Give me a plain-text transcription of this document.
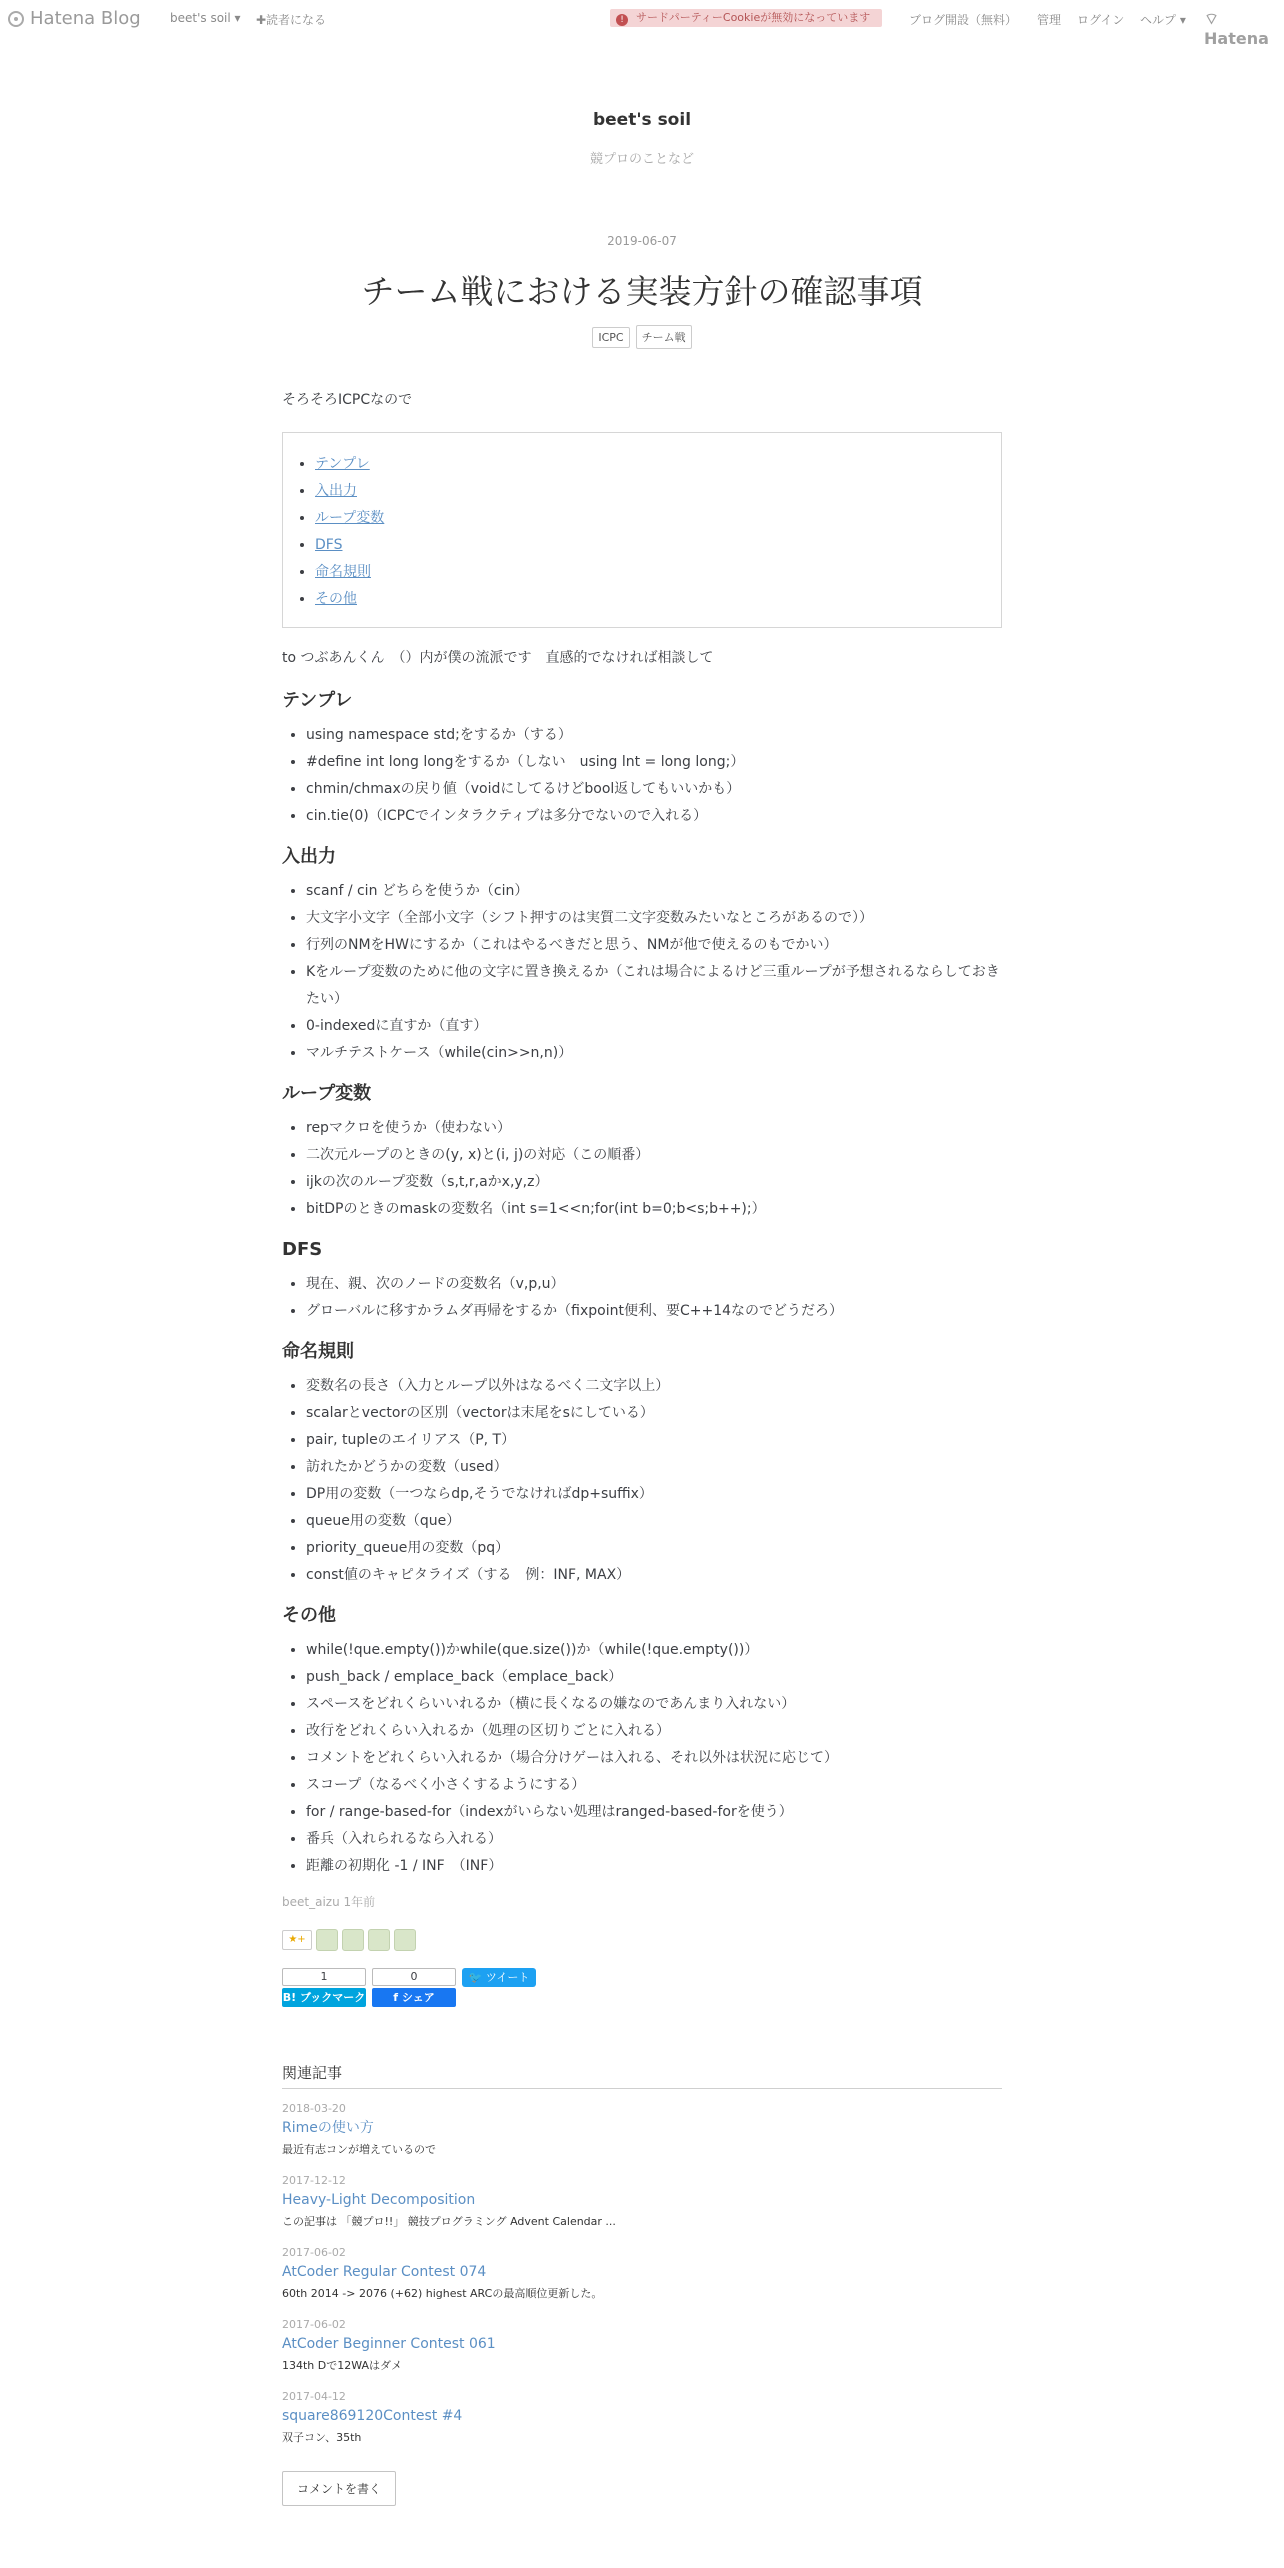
Hatena Blog beet's soil ▾ ✚読者になる	! サードパーティーCookieが無効になっています	ブログ開設（無料） 管理 ログイン ヘルプ ▾ ⌔ Hatena
beet's soil
競プロのことなど
2019-06-07
チーム戦における実装方針の確認事項
ICPC チーム戦
そろそろICPCなので
• テンプレ
• 入出力
• ループ変数
• DFS
• 命名規則
• その他
to つぶあんくん　（）内が僕の流派です　直感的でなければ相談して
テンプレ
• using namespace std;をするか（する）
• #define int long longをするか（しない　using lnt = long long;）
• chmin/chmaxの戻り値（voidにしてるけどbool返してもいいかも）
• cin.tie(0)（ICPCでインタラクティブは多分でないので入れる）
入出力
• scanf / cin どちらを使うか（cin）
• 大文字小文字（全部小文字（シフト押すのは実質二文字変数みたいなところがあるので））
• 行列のNMをHWにするか（これはやるべきだと思う、NMが他で使えるのもでかい）
• Kをループ変数のために他の文字に置き換えるか（これは場合によるけど三重ループが予想されるならしておきたい）
• 0-indexedに直すか（直す）
• マルチテストケース（while(cin>>n,n)）
ループ変数
• repマクロを使うか（使わない）
• 二次元ループのときの(y, x)と(i, j)の対応（この順番）
• ijkの次のループ変数（s,t,r,aかx,y,z）
• bitDPのときのmaskの変数名（int s=1<<n;for(int b=0;b<s;b++);）
DFS
• 現在、親、次のノードの変数名（v,p,u）
• グローバルに移すかラムダ再帰をするか（fixpoint便利、要C++14なのでどうだろ）
命名規則
• 変数名の長さ（入力とループ以外はなるべく二文字以上）
• scalarとvectorの区別（vectorは末尾をsにしている）
• pair, tupleのエイリアス（P, T）
• 訪れたかどうかの変数（used）
• DP用の変数（一つならdp,そうでなければdp+suffix）
• queue用の変数（que）
• priority_queue用の変数（pq）
• const値のキャピタライズ（する　例：INF, MAX）
その他
• while(!que.empty())かwhile(que.size())か（while(!que.empty())）
• push_back / emplace_back（emplace_back）
• スペースをどれくらいいれるか（横に長くなるの嫌なのであんまり入れない）
• 改行をどれくらい入れるか（処理の区切りごとに入れる）
• コメントをどれくらい入れるか（場合分けゲーは入れる、それ以外は状況に応じて）
• スコープ（なるべく小さくするようにする）
• for / range-based-for（indexがいらない処理はranged-based-forを使う）
• 番兵（入れられるなら入れる）
• 距離の初期化 -1 / INF　（INF）
beet_aizu 1年前
★+
1
B! ブックマーク
0
f シェア
🐦 ツイート
関連記事
2018-03-20
Rimeの使い方
最近有志コンが増えているので
2017-12-12
Heavy-Light Decomposition
この記事は 「競プロ!!」 競技プログラミング Advent Calendar ...
2017-06-02
AtCoder Regular Contest 074
60th 2014 -> 2076 (+62) highest ARCの最高順位更新した。
2017-06-02
AtCoder Beginner Contest 061
134th Dで12WAはダメ
2017-04-12
square869120Contest #4
双子コン、35th
コメントを書く
